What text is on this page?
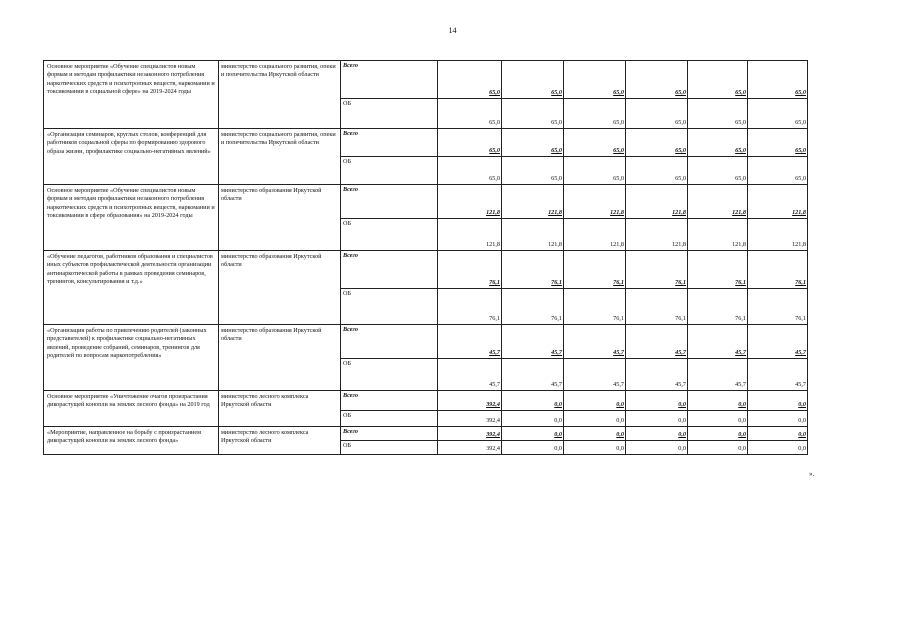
14
Основное мероприятие «Обучение специалистов новым формам и методам профилактики незаконного потребления наркотических средств и психотропных веществ, наркомании и токсикомании в социальной сфере» на 2019-2024 годы	министерство социального развития, опеки и попечительства Иркутской области	Всего	65,0	65,0	65,0	65,0	65,0	65,0
		ОБ	65,0	65,0	65,0	65,0	65,0	65,0
«Организация семинаров, круглых столов, конференций для работников социальной сферы по формированию здорового образа жизни, профилактике социально-негативных явлений»	министерство социального развития, опеки и попечительства Иркутской области	Всего	65,0	65,0	65,0	65,0	65,0	65,0
		ОБ	65,0	65,0	65,0	65,0	65,0	65,0
Основное мероприятие «Обучение специалистов новым формам и методам профилактики незаконного потребления наркотических средств и психотропных веществ, наркомании и токсикомании в сфере образования» на 2019-2024 годы	министерство образования Иркутской области	Всего	121,8	121,8	121,8	121,8	121,8	121,8
		ОБ	121,8	121,8	121,8	121,8	121,8	121,8
«Обучение педагогов, работников образования и специалистов иных субъектов профилактической деятельности организации антинаркотической работы в рамках проведения семинаров, тренингов, консультирования и т.д.»	министерство образования Иркутской области	Всего	76,1	76,1	76,1	76,1	76,1	76,1
		ОБ	76,1	76,1	76,1	76,1	76,1	76,1
«Организация работы по привлечению родителей (законных представителей) к профилактике социально-негативных явлений, проведение собраний, семинаров, тренингов для родителей по вопросам наркопотребления»	министерство образования Иркутской области	Всего	45,7	45,7	45,7	45,7	45,7	45,7
		ОБ	45,7	45,7	45,7	45,7	45,7	45,7
Основное мероприятие «Уничтожение очагов произрастания дикорастущей конопли на землях лесного фонда» на 2019 год	министерство лесного комплекса Иркутской области	Всего	392,4	0,0	0,0	0,0	0,0	0,0
		ОБ	392,4	0,0	0,0	0,0	0,0	0,0
«Мероприятие, направленное на борьбу с произрастанием дикорастущей конопли на землях лесного фонда»	министерство лесного комплекса Иркутской области	Всего	392,4	0,0	0,0	0,0	0,0	0,0
		ОБ	392,4	0,0	0,0	0,0	0,0	0,0
».
